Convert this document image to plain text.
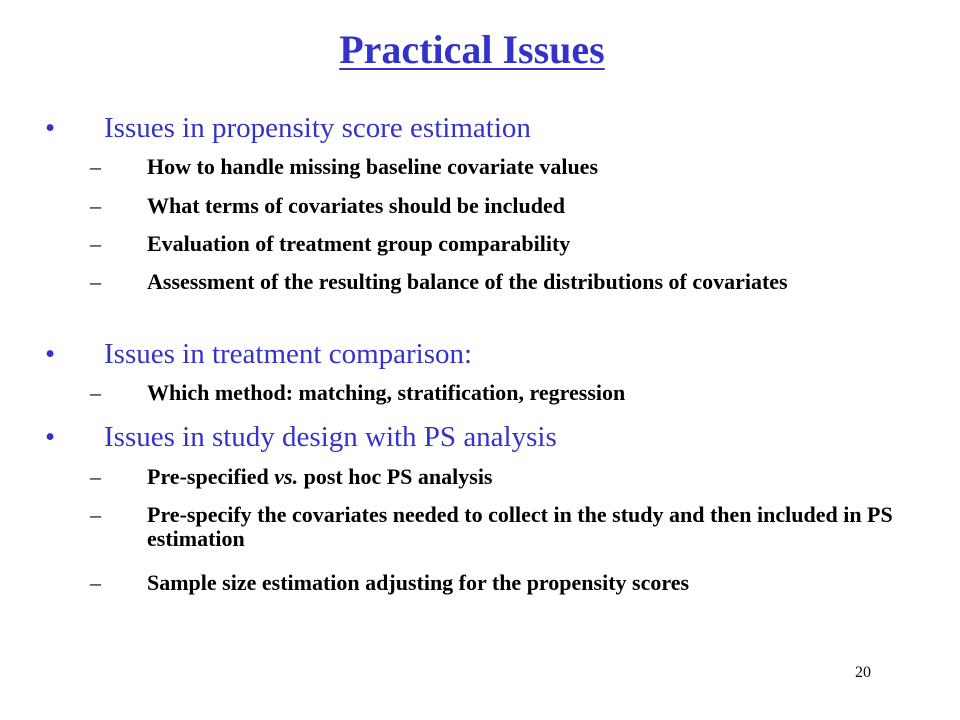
Practical Issues
• Issues in propensity score estimation
– How to handle missing baseline covariate values
– What terms of covariates should be included
– Evaluation of treatment group comparability
– Assessment of the resulting balance of the distributions of covariates
• Issues in treatment comparison:
– Which method: matching, stratification, regression
• Issues in study design with PS analysis
– Pre-specified vs. post hoc PS analysis
– Pre-specify the covariates needed to collect in the study and then included in PS estimation
– Sample size estimation adjusting for the propensity scores
20
